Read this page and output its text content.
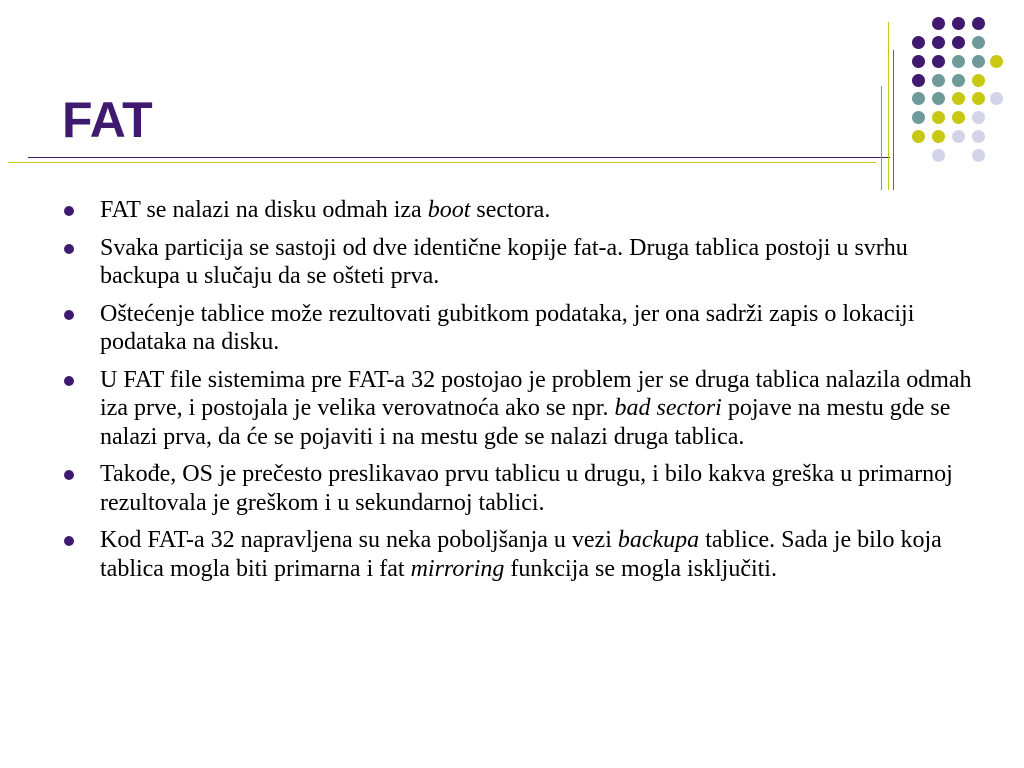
FAT
FAT se nalazi na disku odmah iza boot sectora.
Svaka particija se sastoji od dve identične kopije fat-a. Druga tablica postoji u svrhu backupa u slučaju da se ošteti prva.
Oštećenje tablice može rezultovati gubitkom podataka, jer ona sadrži zapis o lokaciji podataka na disku.
U FAT file sistemima pre FAT-a 32 postojao je problem jer se druga tablica nalazila odmah iza prve, i postojala je velika verovatnoća ako se npr. bad sectori pojave na mestu gde se nalazi prva, da će se pojaviti i na mestu gde se nalazi druga tablica.
Takođe, OS je prečesto preslikavao prvu tablicu u drugu, i bilo kakva greška u primarnoj rezultovala je greškom i u sekundarnoj tablici.
Kod FAT-a 32 napravljena su neka poboljšanja u vezi backupa tablice. Sada je bilo koja tablica mogla biti primarna i fat mirroring funkcija se mogla isključiti.
